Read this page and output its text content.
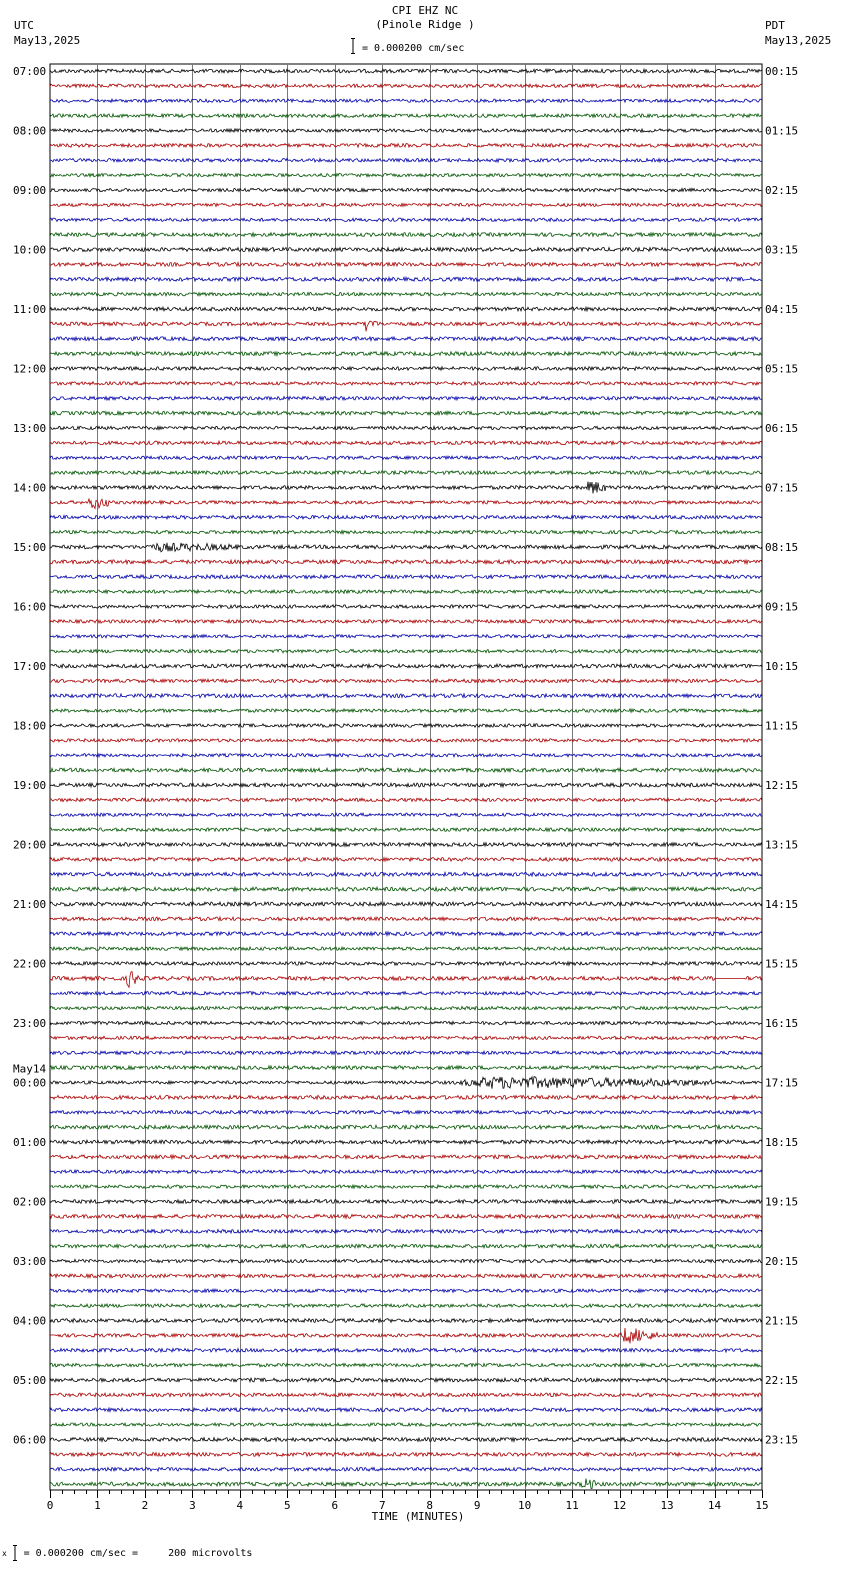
CPI EHZ NC
(Pinole Ridge )
UTC
May13,2025
PDT
May13,2025
= 0.000200 cm/sec
07:00	00:15
08:00	01:15
09:00	02:15
10:00	03:15
11:00	04:15
12:00	05:15
13:00	06:15
14:00	07:15
15:00	08:15
16:00	09:15
17:00	10:15
18:00	11:15
19:00	12:15
20:00	13:15
21:00	14:15
22:00	15:15
23:00	16:15
00:00	17:15
May14
01:00	18:15
02:00	19:15
03:00	20:15
04:00	21:15
05:00	22:15
06:00	23:15
0	1	2	3	4	5	6	7	8	9	10	11	12	13	14	15
TIME (MINUTES)
x = 0.000200 cm/sec =     200 microvolts
